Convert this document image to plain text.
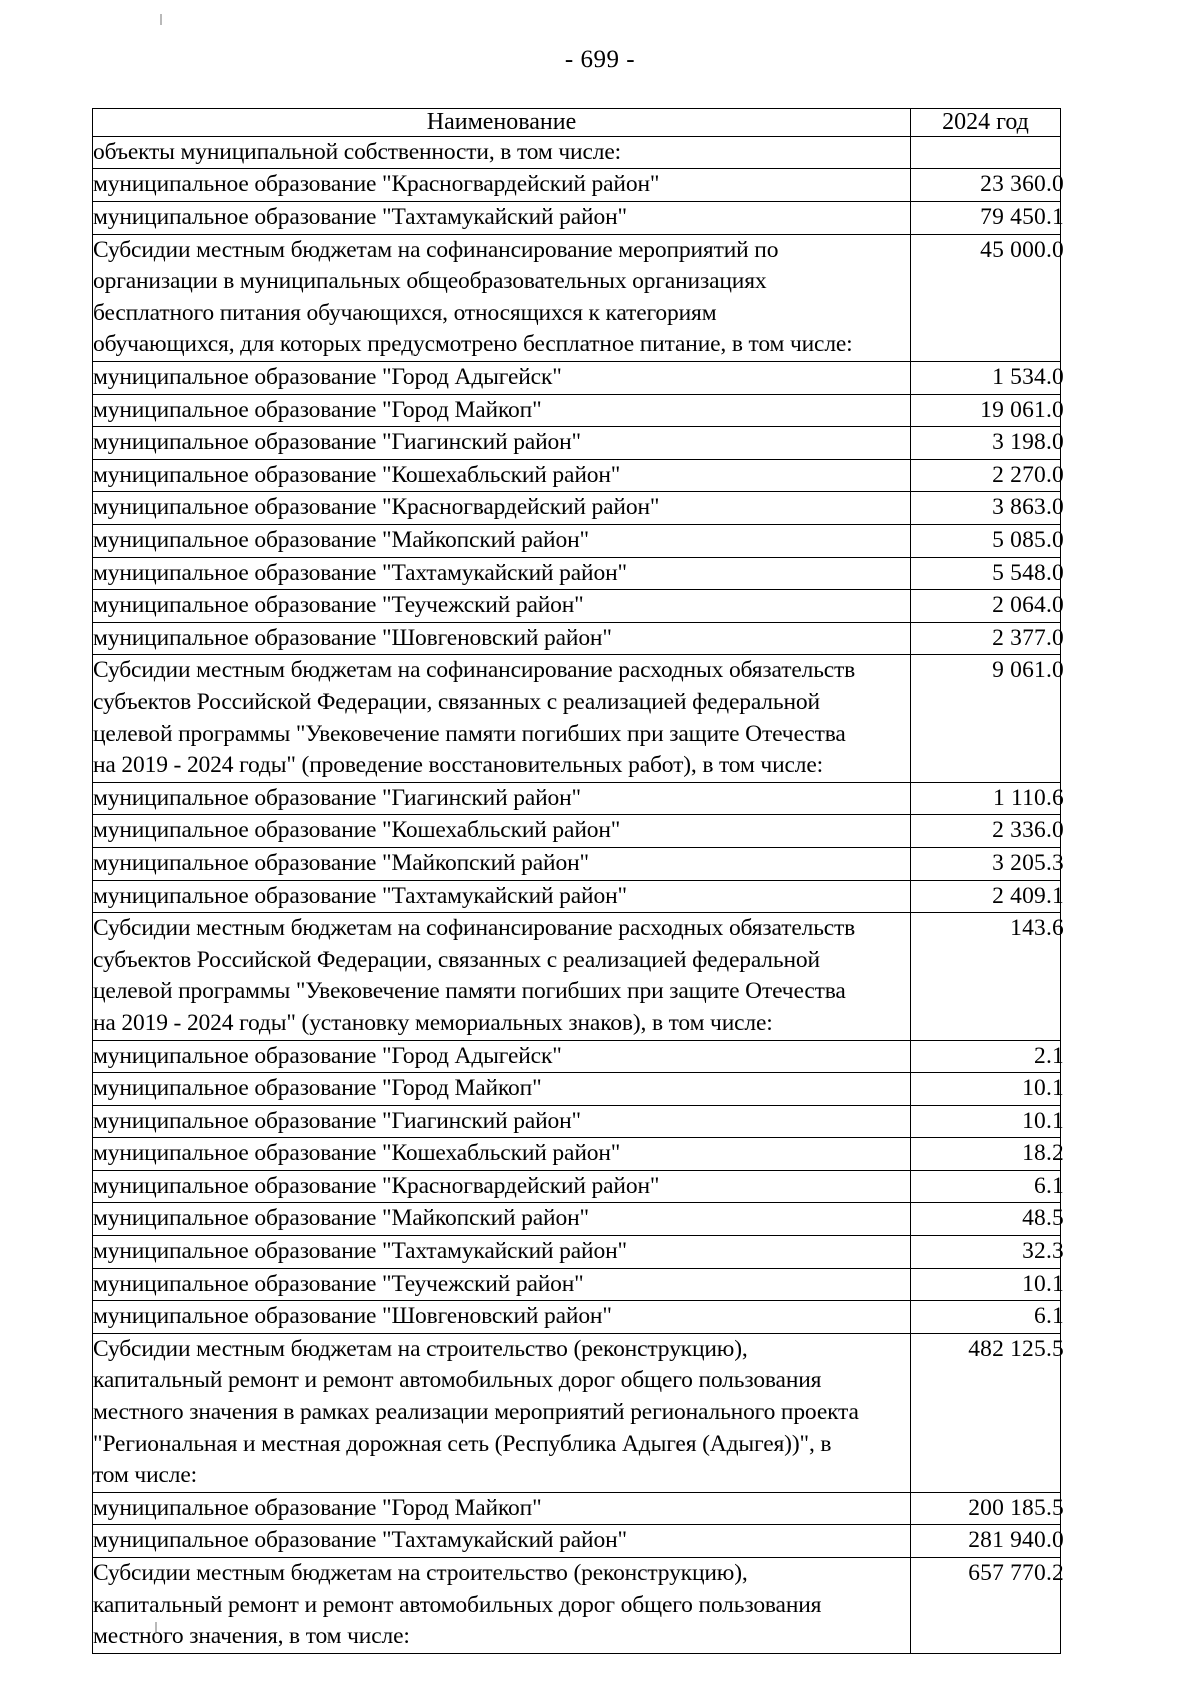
- 699 -
Наименование	2024 год

объекты муниципальной собственности, в том числе:	

муниципальное образование "Красногвардейский район"	23 360.0

муниципальное образование "Тахтамукайский район"	79 450.1

Субсидии местным бюджетам на софинансирование мероприятий по
организации в муниципальных общеобразовательных организациях
бесплатного питания обучающихся, относящихся к категориям
обучающихся, для которых предусмотрено бесплатное питание, в том числе:	45 000.0

муниципальное образование "Город Адыгейск"	1 534.0

муниципальное образование "Город Майкоп"	19 061.0

муниципальное образование "Гиагинский район"	3 198.0

муниципальное образование "Кошехабльский район"	2 270.0

муниципальное образование "Красногвардейский район"	3 863.0

муниципальное образование "Майкопский район"	5 085.0

муниципальное образование "Тахтамукайский район"	5 548.0

муниципальное образование "Теучежский район"	2 064.0

муниципальное образование "Шовгеновский район"	2 377.0

Субсидии местным бюджетам на софинансирование расходных обязательств
субъектов Российской Федерации, связанных с реализацией федеральной
целевой программы "Увековечение памяти погибших при защите Отечества
на 2019 - 2024 годы" (проведение восстановительных работ), в том числе:	9 061.0

муниципальное образование "Гиагинский район"	1 110.6

муниципальное образование "Кошехабльский район"	2 336.0

муниципальное образование "Майкопский район"	3 205.3

муниципальное образование "Тахтамукайский район"	2 409.1

Субсидии местным бюджетам на софинансирование расходных обязательств
субъектов Российской Федерации, связанных с реализацией федеральной
целевой программы "Увековечение памяти погибших при защите Отечества
на 2019 - 2024 годы" (установку мемориальных знаков), в том числе:	143.6

муниципальное образование "Город Адыгейск"	2.1

муниципальное образование "Город Майкоп"	10.1

муниципальное образование "Гиагинский район"	10.1

муниципальное образование "Кошехабльский район"	18.2

муниципальное образование "Красногвардейский район"	6.1

муниципальное образование "Майкопский район"	48.5

муниципальное образование "Тахтамукайский район"	32.3

муниципальное образование "Теучежский район"	10.1

муниципальное образование "Шовгеновский район"	6.1

Субсидии местным бюджетам на строительство (реконструкцию),
капитальный ремонт и ремонт автомобильных дорог общего пользования
местного значения в рамках реализации мероприятий регионального проекта
"Региональная и местная дорожная сеть (Республика Адыгея (Адыгея))", в
том числе:	482 125.5

муниципальное образование "Город Майкоп"	200 185.5

муниципальное образование "Тахтамукайский район"	281 940.0

Субсидии местным бюджетам на строительство (реконструкцию),
капитальный ремонт и ремонт автомобильных дорог общего пользования
местного значения, в том числе:	657 770.2
